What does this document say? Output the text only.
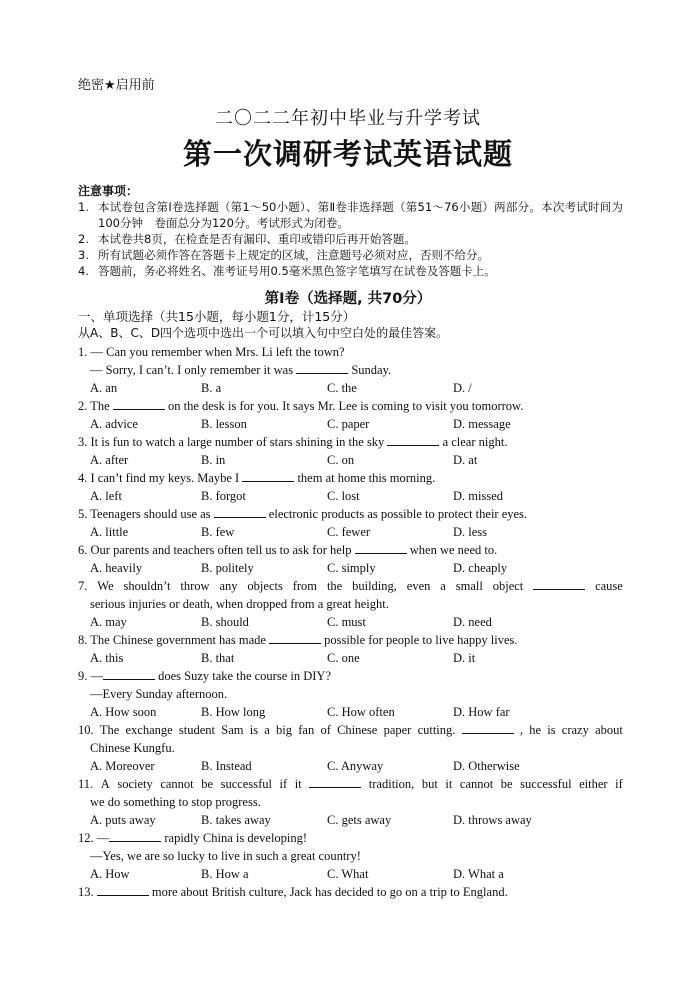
绝密★启用前
二〇二二年初中毕业与升学考试
第一次调研考试英语试题
注意事项：
1. 本试卷包含第Ⅰ卷选择题（第1～50小题）、第Ⅱ卷非选择题（第51～76小题）两部分。本次考试时间为100分钟　卷面总分为120分。考试形式为闭卷。
2. 本试卷共8页，在检查是否有漏印、重印或错印后再开始答题。
3. 所有试题必须作答在答题卡上规定的区域，注意题号必须对应，否则不给分。
4. 答题前，务必将姓名、准考证号用0.5毫米黑色签字笔填写在试卷及答题卡上。
第Ⅰ卷（选择题, 共70分）
一、单项选择（共15小题，每小题1分，计15分）
从A、B、C、D四个选项中选出一个可以填入句中空白处的最佳答案。
1. — Can you remember when Mrs. Li left the town?
— Sorry, I can’t. I only remember it was	Sunday.
A. an	B. a	C. the	D. /
2. The	on the desk is for you. It says Mr. Lee is coming to visit you tomorrow.
A. advice	B. lesson	C. paper	D. message
3. It is fun to watch a large number of stars shining in the sky	a clear night.
A. after	B. in	C. on	D. at
4. I can’t find my keys. Maybe I	them at home this morning.
A. left	B. forgot	C. lost	D. missed
5. Teenagers should use as	electronic products as possible to protect their eyes.
A. little	B. few	C. fewer	D. less
6. Our parents and teachers often tell us to ask for help	when we need to.
A. heavily	B. politely	C. simply	D. cheaply
7. We shouldn’t throw any objects from the building, even a small object	cause
serious injuries or death, when dropped from a great height.
A. may	B. should	C. must	D. need
8. The Chinese government has made	possible for people to live happy lives.
A. this	B. that	C. one	D. it
9. —	does Suzy take the course in DIY?
—Every Sunday afternoon.
A. How soon	B. How long	C. How often	D. How far
10. The exchange student Sam is a big fan of Chinese paper cutting.	, he is crazy about
Chinese Kungfu.
A. Moreover	B. Instead	C. Anyway	D. Otherwise
11. A society cannot be successful if it	tradition, but it cannot be successful either if
we do something to stop progress.
A. puts away	B. takes away	C. gets away	D. throws away
12. —	rapidly China is developing!
—Yes, we are so lucky to live in such a great country!
A. How	B. How a	C. What	D. What a
13.	more about British culture, Jack has decided to go on a trip to England.
